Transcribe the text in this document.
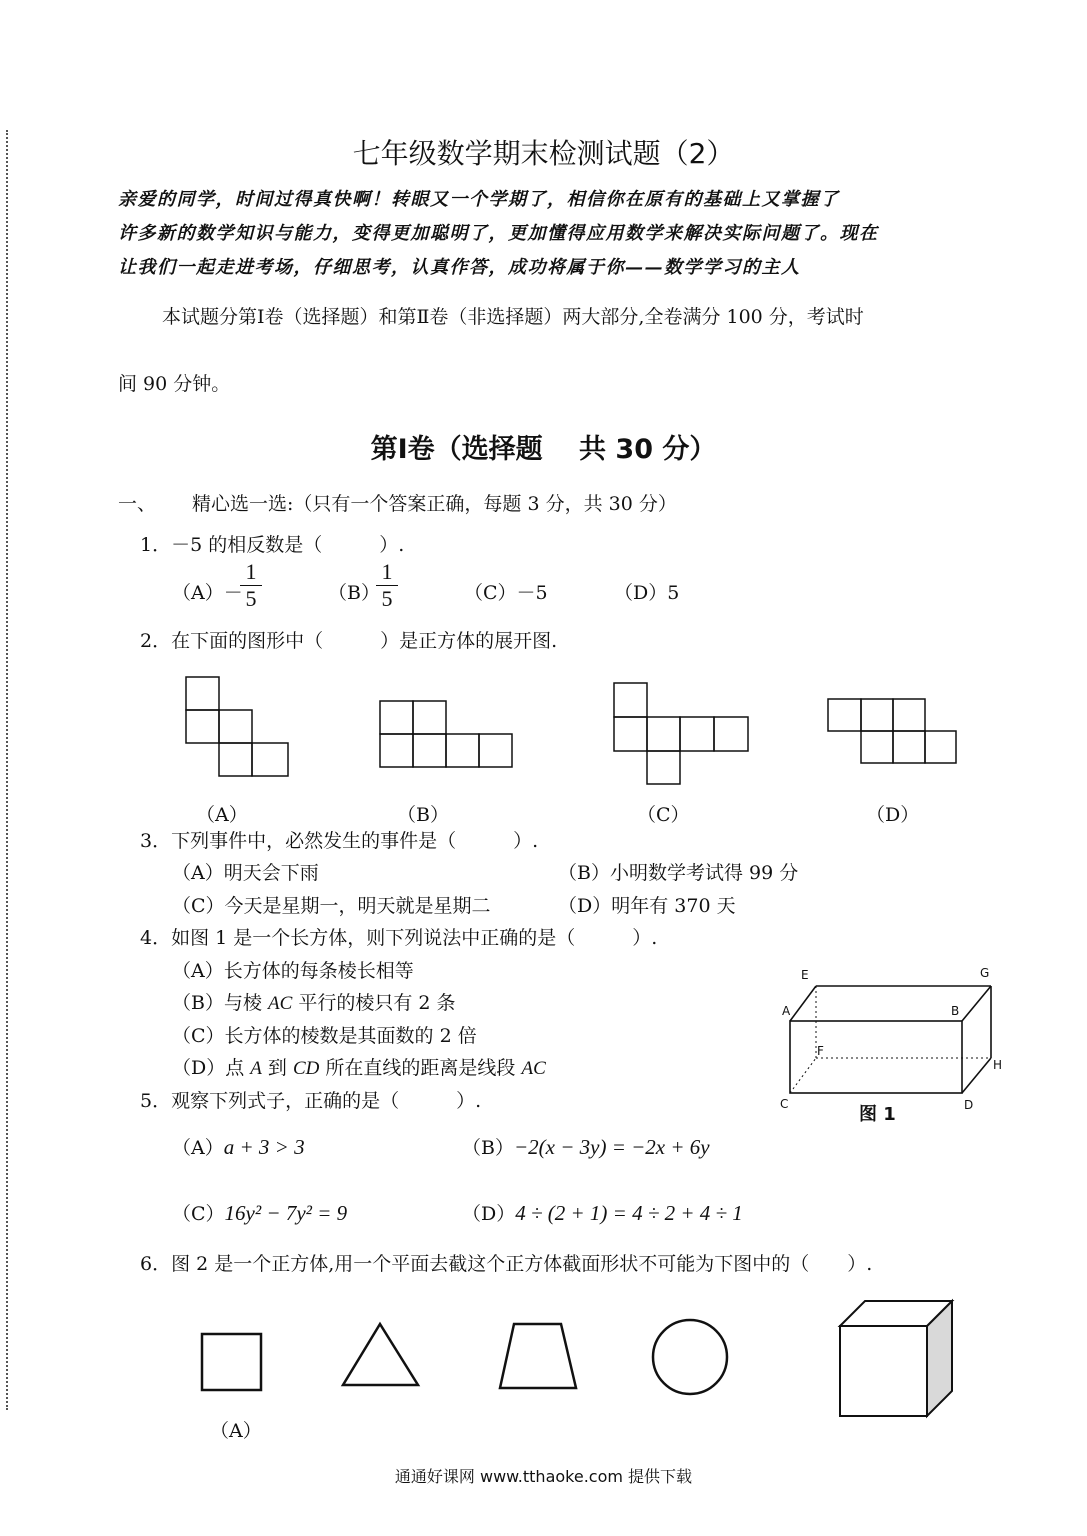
七年级数学期末检测试题（2）
亲爱的同学，时间过得真快啊！转眼又一个学期了，相信你在原有的基础上又掌握了
许多新的数学知识与能力，变得更加聪明了，更加懂得应用数学来解决实际问题了。现在
让我们一起走进考场，仔细思考，认真作答，成功将属于你——数学学习的主人
本试题分第Ⅰ卷（选择题）和第Ⅱ卷（非选择题）两大部分,全卷满分 100 分，考试时
间 90 分钟。
第Ⅰ卷（选择题　 共 30 分）
一、 精心选一选:（只有一个答案正确，每题 3 分，共 30 分）
1．－5 的相反数是（　　　）.
（A）－
1
5	（B）
1
5	（C）－5	（D）5
2．在下面的图形中（　　　）是正方体的展开图.
（A）	（B）	（C）	（D）
3．下列事件中，必然发生的事件是（　　　）.
（A）明天会下雨	（B）小明数学考试得 99 分
（C）今天是星期一，明天就是星期二	（D）明年有 370 天
4．如图 1 是一个长方体，则下列说法中正确的是（　　　）.
（A）长方体的每条棱长相等
（B）与棱 AC 平行的棱只有 2 条
（C）长方体的棱数是其面数的 2 倍
（D）点 A 到 CD 所在直线的距离是线段 AC
E	G
A	B
F
H
C	D
图 1
5．观察下列式子，正确的是（　　　）.
（A）a + 3 > 3	（B）−2(x − 3y) = −2x + 6y
（C）16y² − 7y² = 9	（D）4 ÷ (2 + 1) = 4 ÷ 2 + 4 ÷ 1
6．图 2 是一个正方体,用一个平面去截这个正方体截面形状不可能为下图中的（　　）.
（A）
通通好课网 www.tthaoke.com 提供下载
